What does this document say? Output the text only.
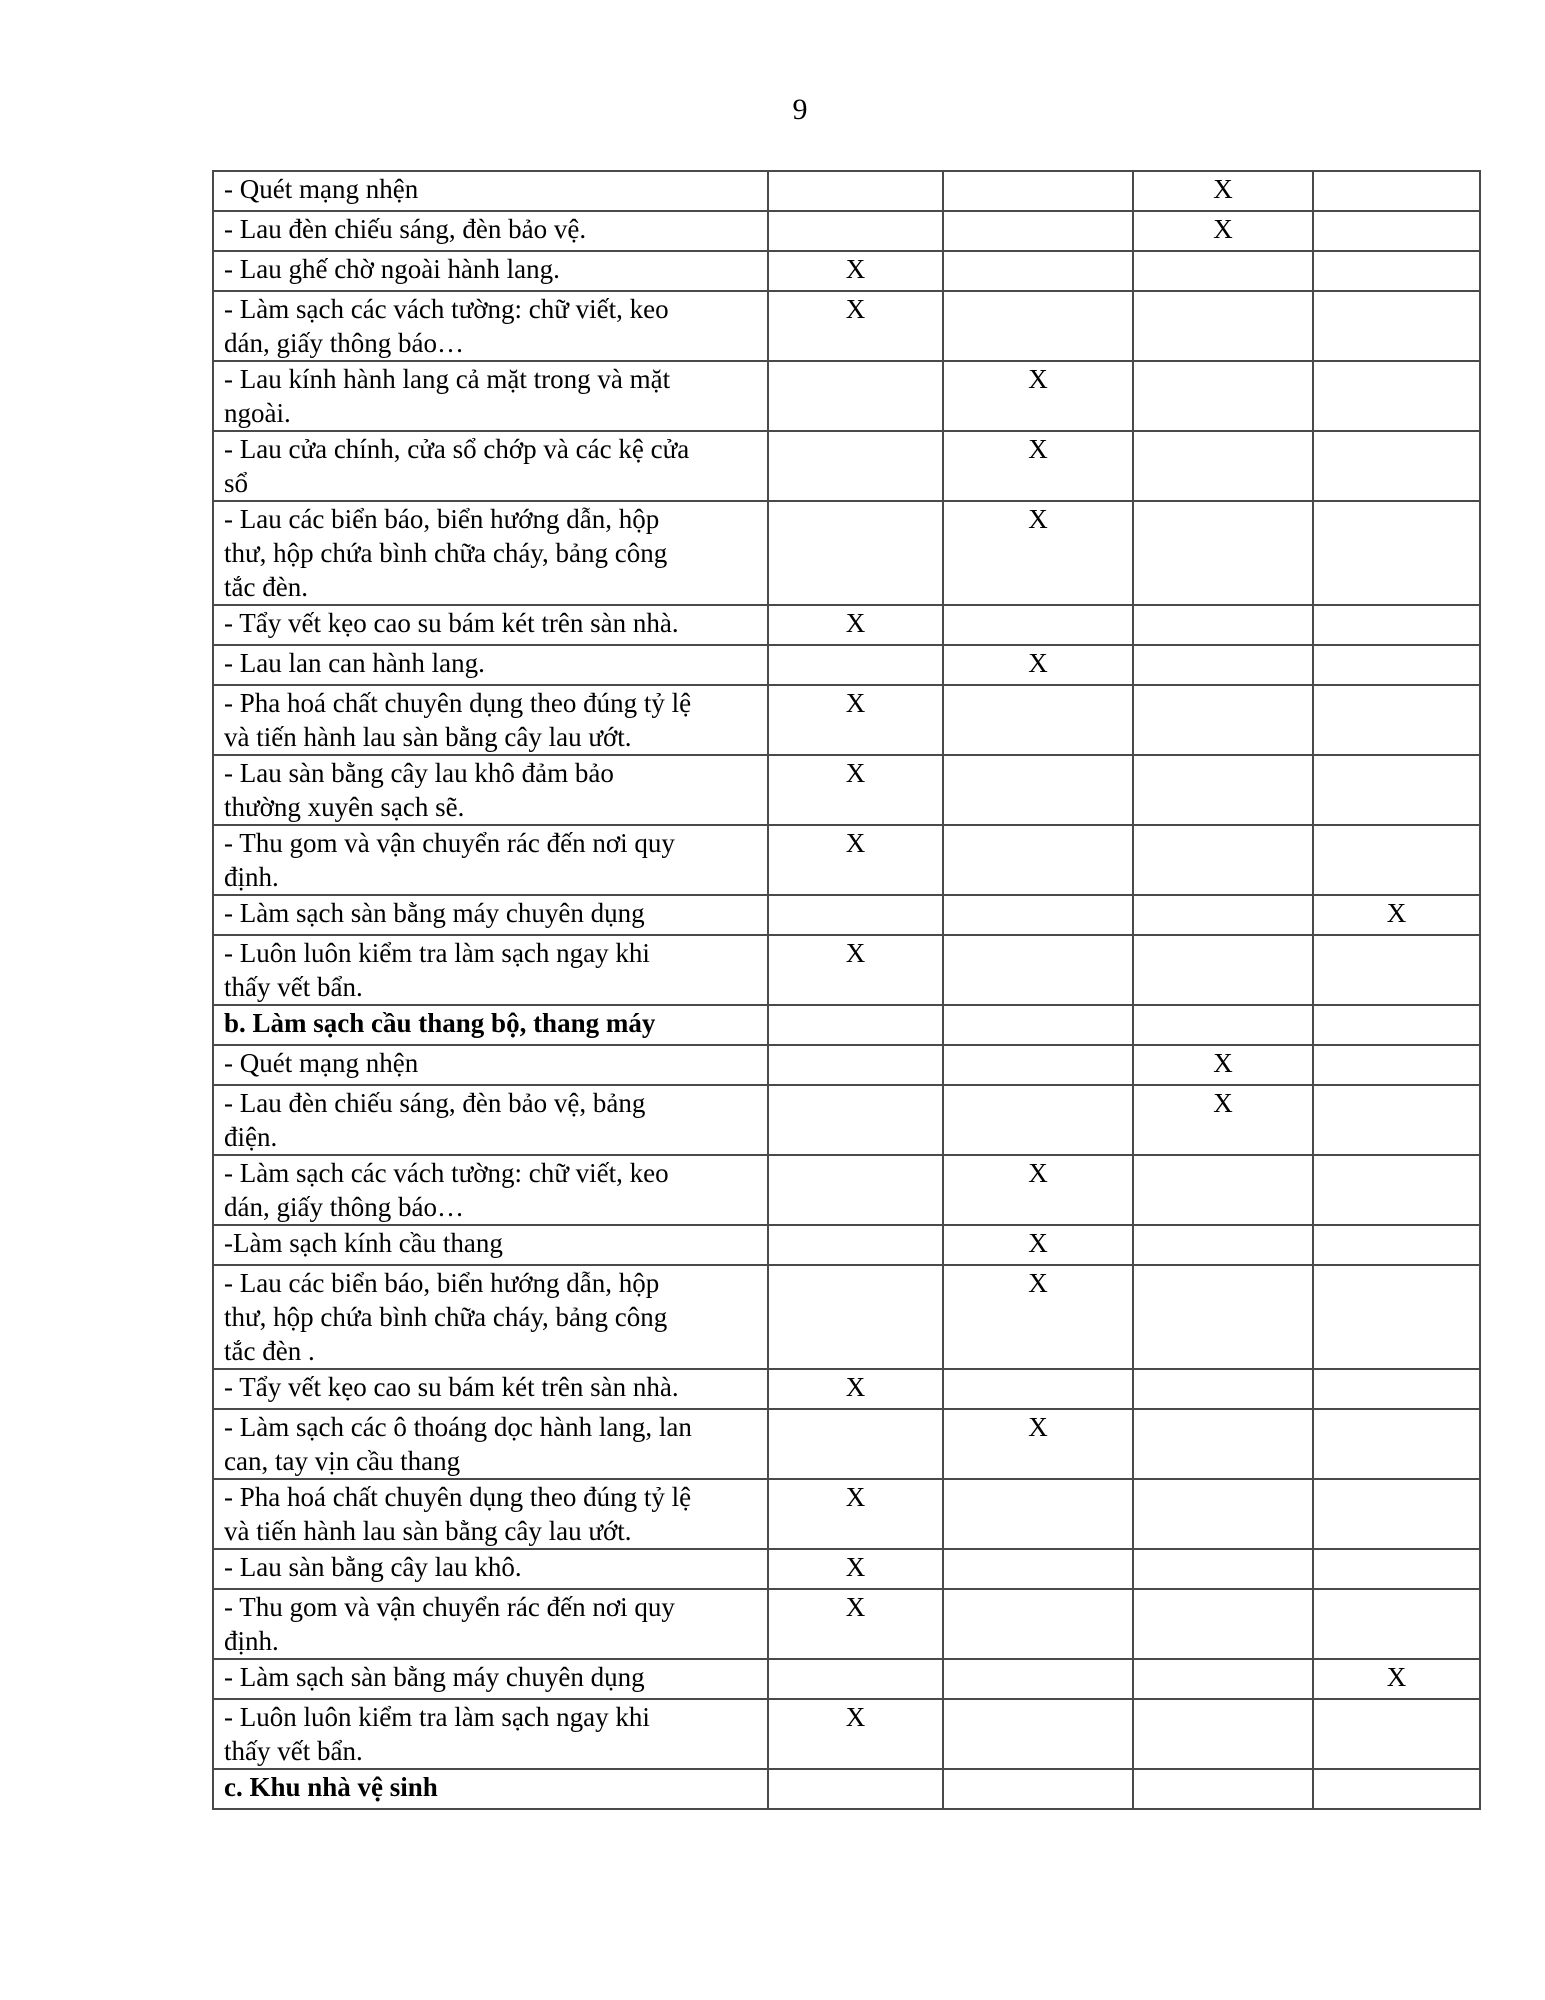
9
- Quét mạng nhện			X	
- Lau đèn chiếu sáng, đèn bảo vệ.			X	
- Lau ghế chờ ngoài hành lang.	X			
- Làm sạch các vách tường: chữ viết, keo
dán, giấy thông báo…	X			
- Lau kính hành lang cả mặt trong và mặt
ngoài.		X		
- Lau cửa chính, cửa sổ chớp và các kệ cửa
sổ		X		
- Lau các biển báo, biển hướng dẫn, hộp
thư, hộp chứa bình chữa cháy, bảng công
tắc đèn.		X		
- Tẩy vết kẹo cao su bám két trên sàn nhà.	X			
- Lau lan can hành lang.		X		
- Pha hoá chất chuyên dụng theo đúng tỷ lệ
và tiến hành lau sàn bằng cây lau ướt.	X			
- Lau sàn bằng cây lau khô đảm bảo
thường xuyên sạch sẽ.	X			
- Thu gom và vận chuyển rác đến nơi quy
định.	X			
- Làm sạch sàn bằng máy chuyên dụng				X
- Luôn luôn kiểm tra làm sạch ngay khi
thấy vết bẩn.	X			
b. Làm sạch cầu thang bộ, thang máy				
- Quét mạng nhện			X	
- Lau đèn chiếu sáng, đèn bảo vệ, bảng
điện.			X	
- Làm sạch các vách tường: chữ viết, keo
dán, giấy thông báo…		X		
-Làm sạch kính cầu thang		X		
- Lau các biển báo, biển hướng dẫn, hộp
thư, hộp chứa bình chữa cháy, bảng công
tắc đèn .		X		
- Tẩy vết kẹo cao su bám két trên sàn nhà.	X			
- Làm sạch các ô thoáng dọc hành lang, lan
can, tay vịn cầu thang		X		
- Pha hoá chất chuyên dụng theo đúng tỷ lệ
và tiến hành lau sàn bằng cây lau ướt.	X			
- Lau sàn bằng cây lau khô.	X			
- Thu gom và vận chuyển rác đến nơi quy
định.	X			
- Làm sạch sàn bằng máy chuyên dụng				X
- Luôn luôn kiểm tra làm sạch ngay khi
thấy vết bẩn.	X			
c. Khu nhà vệ sinh				
